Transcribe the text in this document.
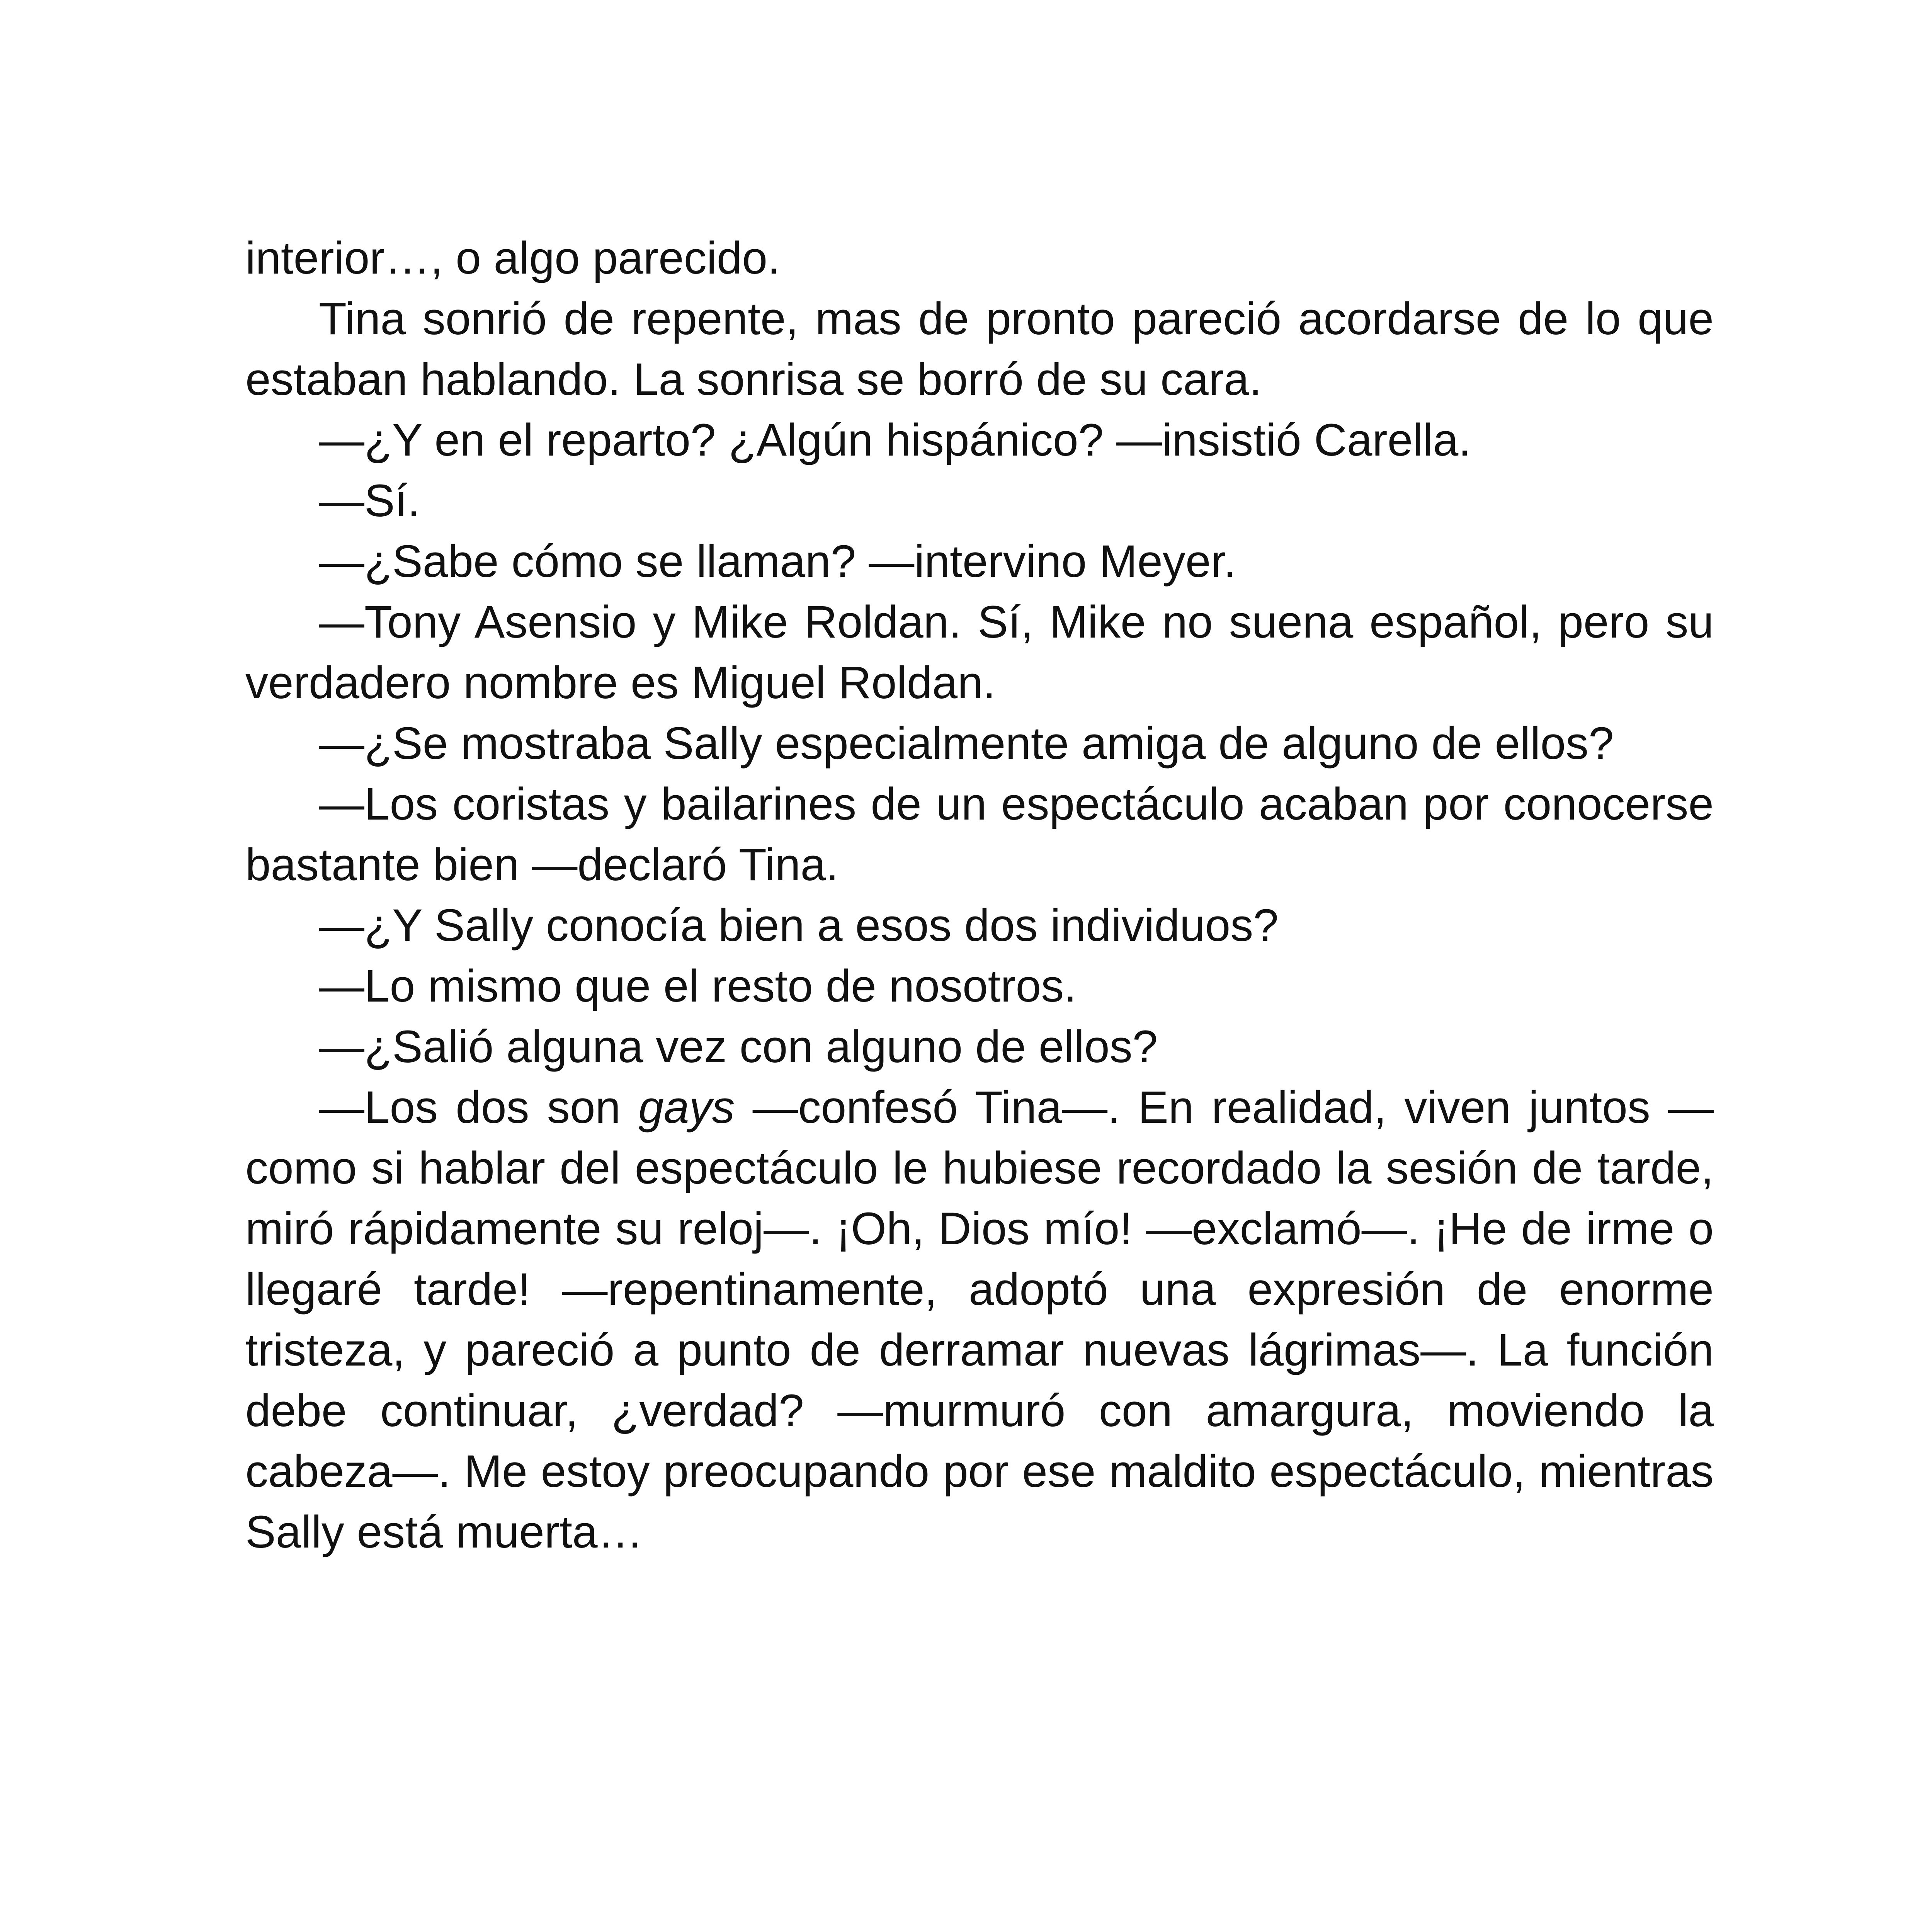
interior…, o algo parecido.

Tina sonrió de repente, mas de pronto pareció acordarse de lo que estaban hablando. La sonrisa se borró de su cara.

—¿Y en el reparto? ¿Algún hispánico? —insistió Carella.

—Sí.

—¿Sabe cómo se llaman? —intervino Meyer.

—Tony Asensio y Mike Roldan. Sí, Mike no suena español, pero su verdadero nombre es Miguel Roldan.

—¿Se mostraba Sally especialmente amiga de alguno de ellos?

—Los coristas y bailarines de un espectáculo acaban por conocerse bastante bien —declaró Tina.

—¿Y Sally conocía bien a esos dos individuos?

—Lo mismo que el resto de nosotros.

—¿Salió alguna vez con alguno de ellos?

—Los dos son gays —confesó Tina—. En realidad, viven juntos —como si hablar del espectáculo le hubiese recordado la sesión de tarde, miró rápidamente su reloj—. ¡Oh, Dios mío! —exclamó—. ¡He de irme o llegaré tarde! —repentinamente, adoptó una expresión de enorme tristeza, y pareció a punto de derramar nuevas lágrimas—. La función debe continuar, ¿verdad? —murmuró con amargura, moviendo la cabeza—. Me estoy preocupando por ese maldito espectáculo, mientras Sally está muerta…
